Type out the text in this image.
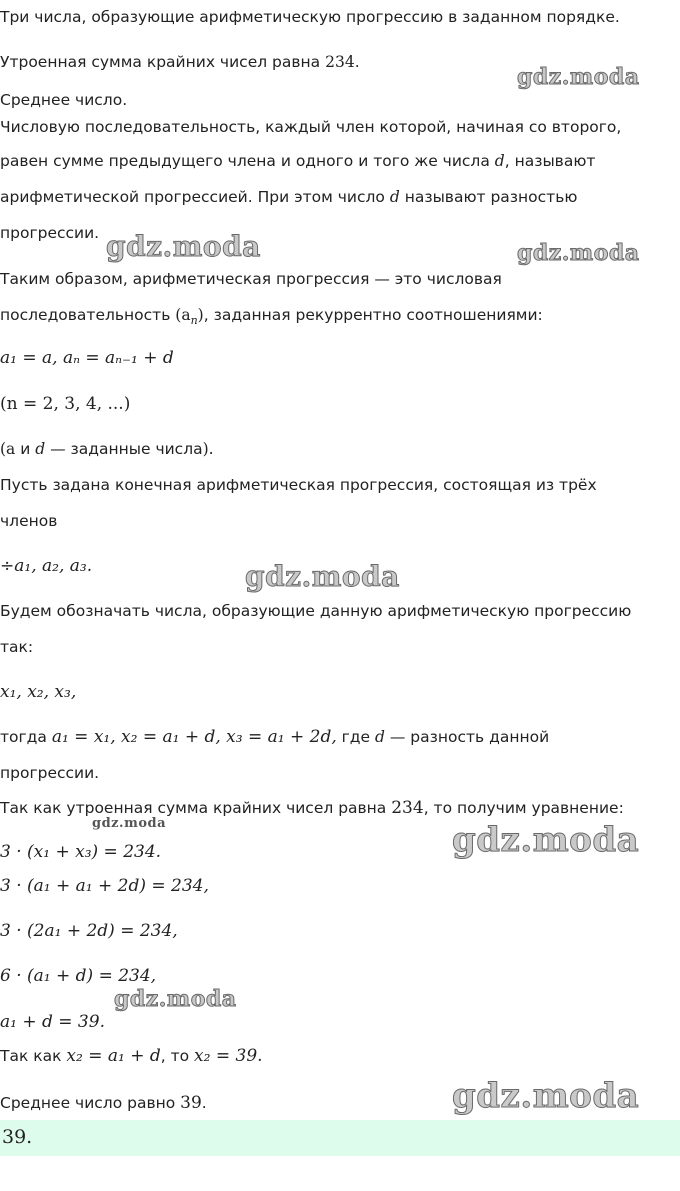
gdz.moda
gdz.moda	gdz.moda
gdz.moda
gdz.moda	gdz.moda
gdz.moda
gdz.moda
Три числа, образующие арифметическую прогрессию в заданном порядке.
Утроенная сумма крайних чисел равна 234.
Среднее число.
Числовую последовательность, каждый член которой, начиная со второго,
равен сумме предыдущего члена и одного и того же числа d, называют
арифметической прогрессией. При этом число d называют разностью
прогрессии.
Таким образом, арифметическая прогрессия — это числовая
последовательность $(a_n)$, заданная рекуррентно соотношениями:
a₁ = a, aₙ = aₙ₋₁ + d
(n = 2, 3, 4, ...)
(a и d — заданные числа).
Пусть задана конечная арифметическая прогрессия, состоящая из трёх
членов
÷a₁, a₂, a₃.
Будем обозначать числа, образующие данную арифметическую прогрессию
так:
x₁, x₂, x₃,
тогда a₁ = x₁, x₂ = a₁ + d, x₃ = a₁ + 2d, где d — разность данной
прогрессии.
Так как утроенная сумма крайних чисел равна 234, то получим уравнение:
3 · (x₁ + x₃) = 234.
3 · (a₁ + a₁ + 2d) = 234,
3 · (2a₁ + 2d) = 234,
6 · (a₁ + d) = 234,
a₁ + d = 39.
Так как x₂ = a₁ + d, то x₂ = 39.
Среднее число равно 39.
39.
